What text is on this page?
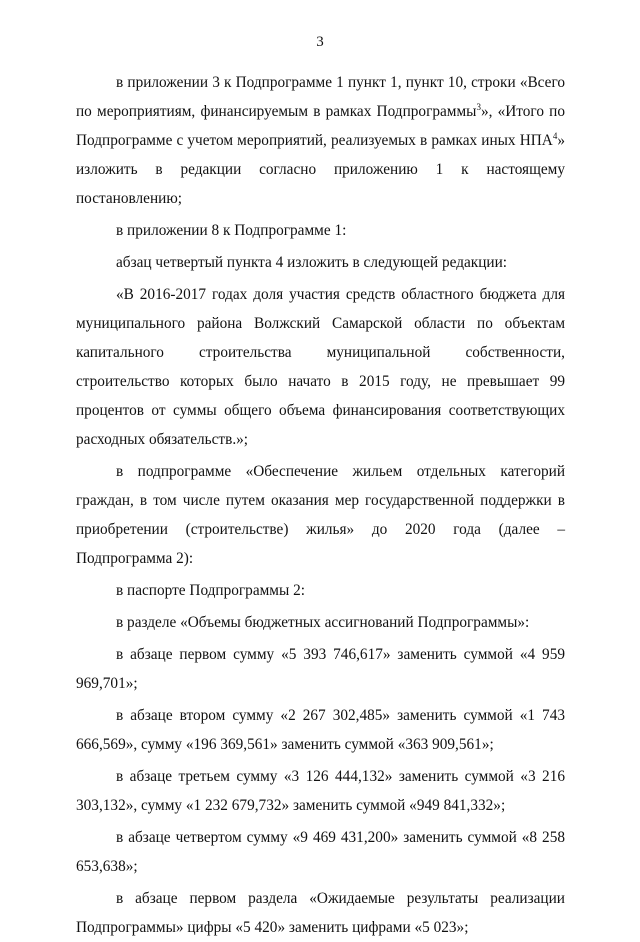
3

в приложении 3 к Подпрограмме 1 пункт 1, пункт 10, строки «Всего по мероприятиям, финансируемым в рамках Подпрограммы$^3$», «Итого по Подпрограмме с учетом мероприятий, реализуемых в рамках иных НПА$^4$» изложить в редакции согласно приложению 1 к настоящему постановлению;

в приложении 8 к Подпрограмме 1:

абзац четвертый пункта 4 изложить в следующей редакции:

«В 2016-2017 годах доля участия средств областного бюджета для муниципального района Волжский Самарской области по объектам капитального строительства муниципальной собственности, строительство которых было начато в 2015 году, не превышает 99 процентов от суммы общего объема финансирования соответствующих расходных обязательств.»;

в подпрограмме «Обеспечение жильем отдельных категорий граждан, в том числе путем оказания мер государственной поддержки в приобретении (строительстве) жилья» до 2020 года (далее – Подпрограмма 2):

в паспорте Подпрограммы 2:

в разделе «Объемы бюджетных ассигнований Подпрограммы»:

в абзаце первом сумму «5 393 746,617» заменить суммой «4 959 969,701»;

в абзаце втором сумму «2 267 302,485» заменить суммой «1 743 666,569», сумму «196 369,561» заменить суммой «363 909,561»;

в абзаце третьем сумму «3 126 444,132» заменить суммой «3 216 303,132», сумму «1 232 679,732» заменить суммой «949 841,332»;

в абзаце четвертом сумму «9 469 431,200» заменить суммой «8 258 653,638»;

в абзаце первом раздела «Ожидаемые результаты реализации Подпрограммы» цифры «5 420» заменить цифрами «5 023»;
